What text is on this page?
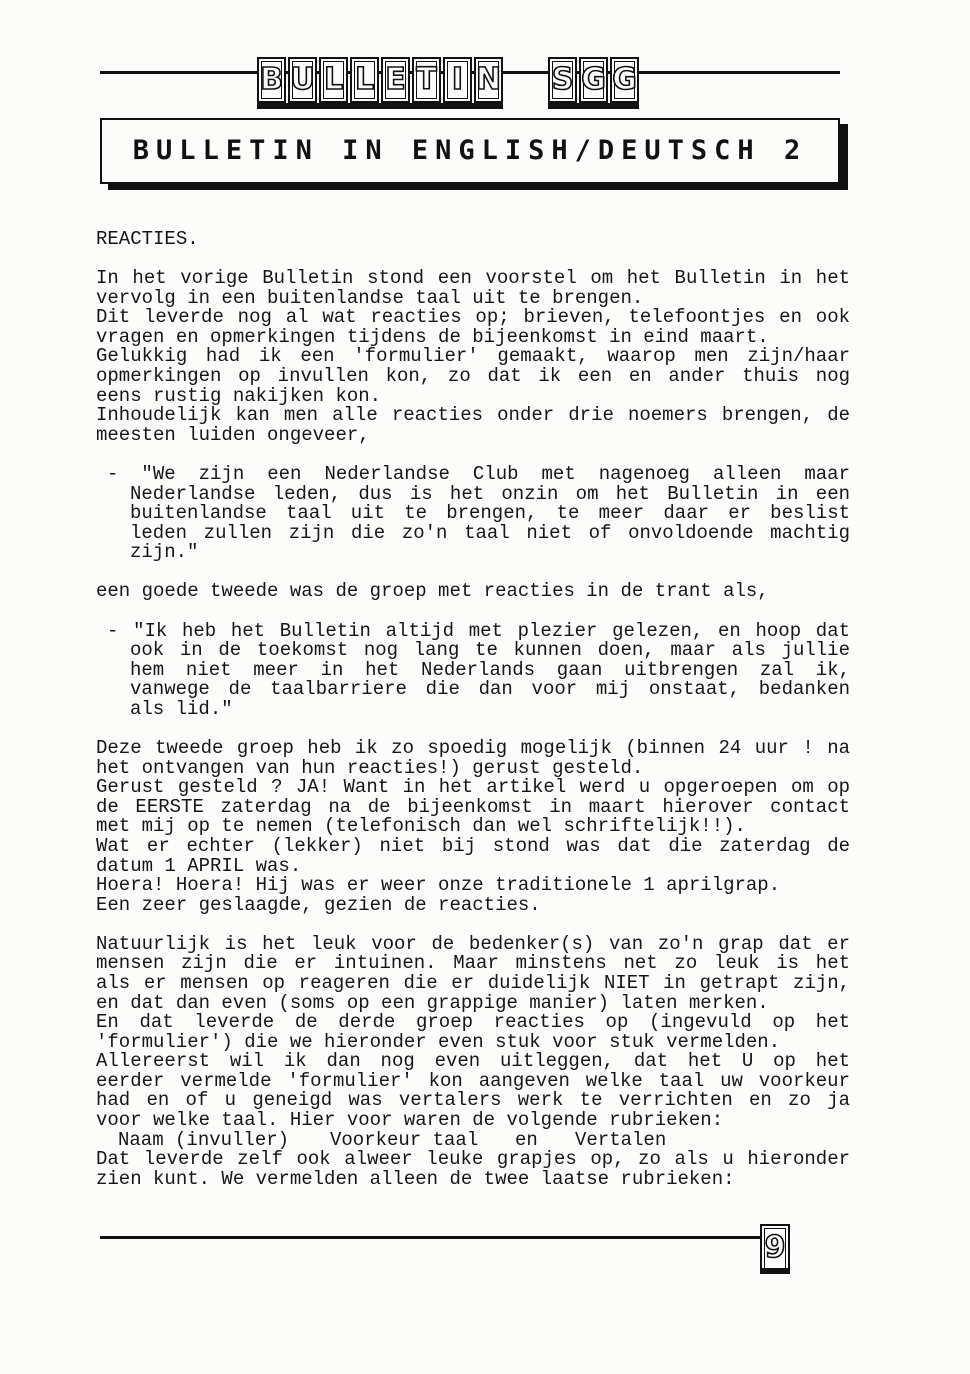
B U L L E T I N S G G
BULLETIN IN ENGLISH/DEUTSCH 2
REACTIES.
In het vorige Bulletin stond een voorstel om het Bulletin in het
vervolg in een buitenlandse taal uit te brengen.
Dit leverde nog al wat reacties op; brieven, telefoontjes en ook
vragen en opmerkingen tijdens de bijeenkomst in eind maart.
Gelukkig had ik een 'formulier' gemaakt, waarop men zijn/haar
opmerkingen op invullen kon, zo dat ik een en ander thuis nog
eens rustig nakijken kon.
Inhoudelijk kan men alle reacties onder drie noemers brengen, de
meesten luiden ongeveer,
- "We zijn een Nederlandse Club met nagenoeg alleen maar
Nederlandse leden, dus is het onzin om het Bulletin in een
buitenlandse taal uit te brengen, te meer daar er beslist
leden zullen zijn die zo'n taal niet of onvoldoende machtig
zijn."
een goede tweede was de groep met reacties in de trant als,
- "Ik heb het Bulletin altijd met plezier gelezen, en hoop dat
ook in de toekomst nog lang te kunnen doen, maar als jullie
hem niet meer in het Nederlands gaan uitbrengen zal ik,
vanwege de taalbarriere die dan voor mij onstaat, bedanken
als lid."
Deze tweede groep heb ik zo spoedig mogelijk (binnen 24 uur ! na
het ontvangen van hun reacties!) gerust gesteld.
Gerust gesteld ? JA! Want in het artikel werd u opgeroepen om op
de EERSTE zaterdag na de bijeenkomst in maart hierover contact
met mij op te nemen (telefonisch dan wel schriftelijk!!).
Wat er echter (lekker) niet bij stond was dat die zaterdag de
datum 1 APRIL was.
Hoera! Hoera! Hij was er weer onze traditionele 1 aprilgrap.
Een zeer geslaagde, gezien de reacties.
Natuurlijk is het leuk voor de bedenker(s) van zo'n grap dat er
mensen zijn die er intuinen. Maar minstens net zo leuk is het
als er mensen op reageren die er duidelijk NIET in getrapt zijn,
en dat dan even (soms op een grappige manier) laten merken.
En dat leverde de derde groep reacties op (ingevuld op het
'formulier') die we hieronder even stuk voor stuk vermelden.
Allereerst wil ik dan nog even uitleggen, dat het U op het
eerder vermelde 'formulier' kon aangeven welke taal uw voorkeur
had en of u geneigd was vertalers werk te verrichten en zo ja
voor welke taal. Hier voor waren de volgende rubrieken:
Naam (invuller) Voorkeur taal en Vertalen
Dat leverde zelf ook alweer leuke grapjes op, zo als u hieronder
zien kunt. We vermelden alleen de twee laatse rubrieken:
9
